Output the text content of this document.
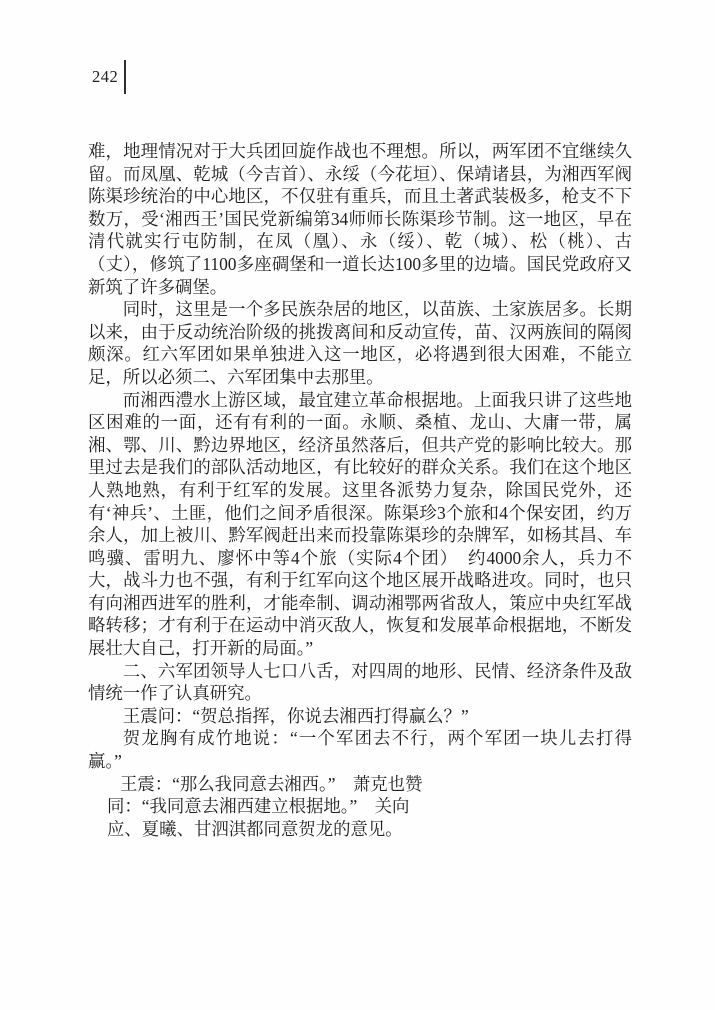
242

难，地理情况对于大兵团回旋作战也不理想。所以，两军团不宜继续久留。而凤凰、乾城（今吉首）、永绥（今花垣）、保靖诸县，为湘西军阀陈渠珍统治的中心地区，不仅驻有重兵，而且土著武装极多，枪支不下数万，受‘湘西王’国民党新编第34师师长陈渠珍节制。这一地区，早在清代就实行屯防制，在凤（凰）、永（绥）、乾（城）、松（桃）、古（丈），修筑了1100多座碉堡和一道长达100多里的边墙。国民党政府又新筑了许多碉堡。

同时，这里是一个多民族杂居的地区，以苗族、土家族居多。长期以来，由于反动统治阶级的挑拨离间和反动宣传，苗、汉两族间的隔阂颇深。红六军团如果单独进入这一地区，必将遇到很大困难，不能立足，所以必须二、六军团集中去那里。

而湘西澧水上游区域，最宜建立革命根据地。上面我只讲了这些地区困难的一面，还有有利的一面。永顺、桑植、龙山、大庸一带，属湘、鄂、川、黔边界地区，经济虽然落后，但共产党的影响比较大。那里过去是我们的部队活动地区，有比较好的群众关系。我们在这个地区人熟地熟，有利于红军的发展。这里各派势力复杂，除国民党外，还有‘神兵’、土匪，他们之间矛盾很深。陈渠珍3个旅和4个保安团，约万余人，加上被川、黔军阀赶出来而投靠陈渠珍的杂牌军，如杨其昌、车鸣骥、雷明九、廖怀中等4个旅（实际4个团）　约4000余人，兵力不大，战斗力也不强，有利于红军向这个地区展开战略进攻。同时，也只有向湘西进军的胜利，才能牵制、调动湘鄂两省敌人，策应中央红军战略转移；才有利于在运动中消灭敌人，恢复和发展革命根据地，不断发展壮大自己，打开新的局面。”

二、六军团领导人七口八舌，对四周的地形、民情、经济条件及敌情统一作了认真研究。

王震问：“贺总指挥，你说去湘西打得赢么？”

贺龙胸有成竹地说：“一个军团去不行，两个军团一块儿去打得赢。”

王震：“那么我同意去湘西。”　萧克也赞
同：“我同意去湘西建立根据地。”　关向
应、夏曦、甘泗淇都同意贺龙的意见。
